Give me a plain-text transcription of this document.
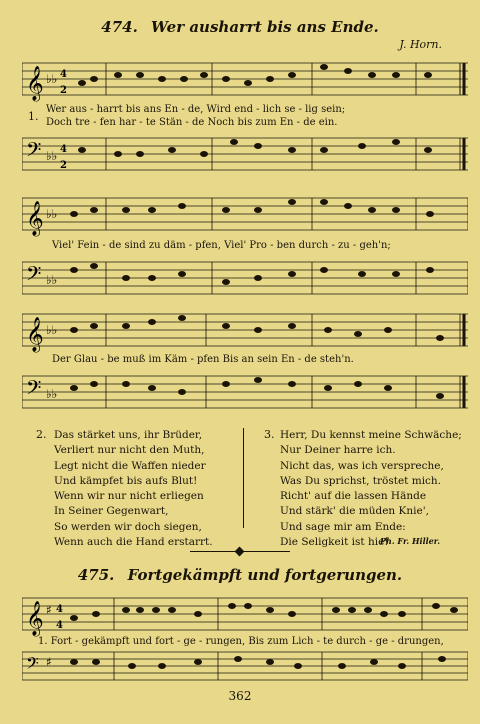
474. Wer ausharrt bis ans Ende.
J. Horn.
𝄞 ♭♭ 4
2
1.
Wer aus - harrt bis ans En - de, Wird end - lich se - lig sein;
Doch tre - fen har - te Stän - de Noch bis zum En - de ein.
𝄢 ♭♭ 4
2
𝄞 ♭♭
Viel' Fein - de sind zu däm - pfen, Viel' Pro - ben durch - zu - geh'n;
𝄢 ♭♭
𝄞 ♭♭
Der Glau - be muß im Käm - pfen Bis an sein En - de steh'n.
𝄢 ♭♭
2. Das stärket uns, ihr Brüder,
Verliert nur nicht den Muth,
Legt nicht die Waffen nieder
Und kämpfet bis aufs Blut!
Wenn wir nur nicht erliegen
In Seiner Gegenwart,
So werden wir doch siegen,
Wenn auch die Hand erstarrt.
3. Herr, Du kennst meine Schwäche;
Nur Deiner harre ich.
Nicht das, was ich verspreche,
Was Du sprichst, tröstet mich.
Richt' auf die lassen Hände
Und stärk' die müden Knie',
Und sage mir am Ende:
Die Seligkeit ist hie!
Ph. Fr. Hiller.
475. Fortgekämpft und fortgerungen.
𝄞 ♯ 4
4
1. Fort - gekämpft und fort - ge - rungen, Bis zum Lich - te durch - ge - drungen,
𝄢 ♯
362
